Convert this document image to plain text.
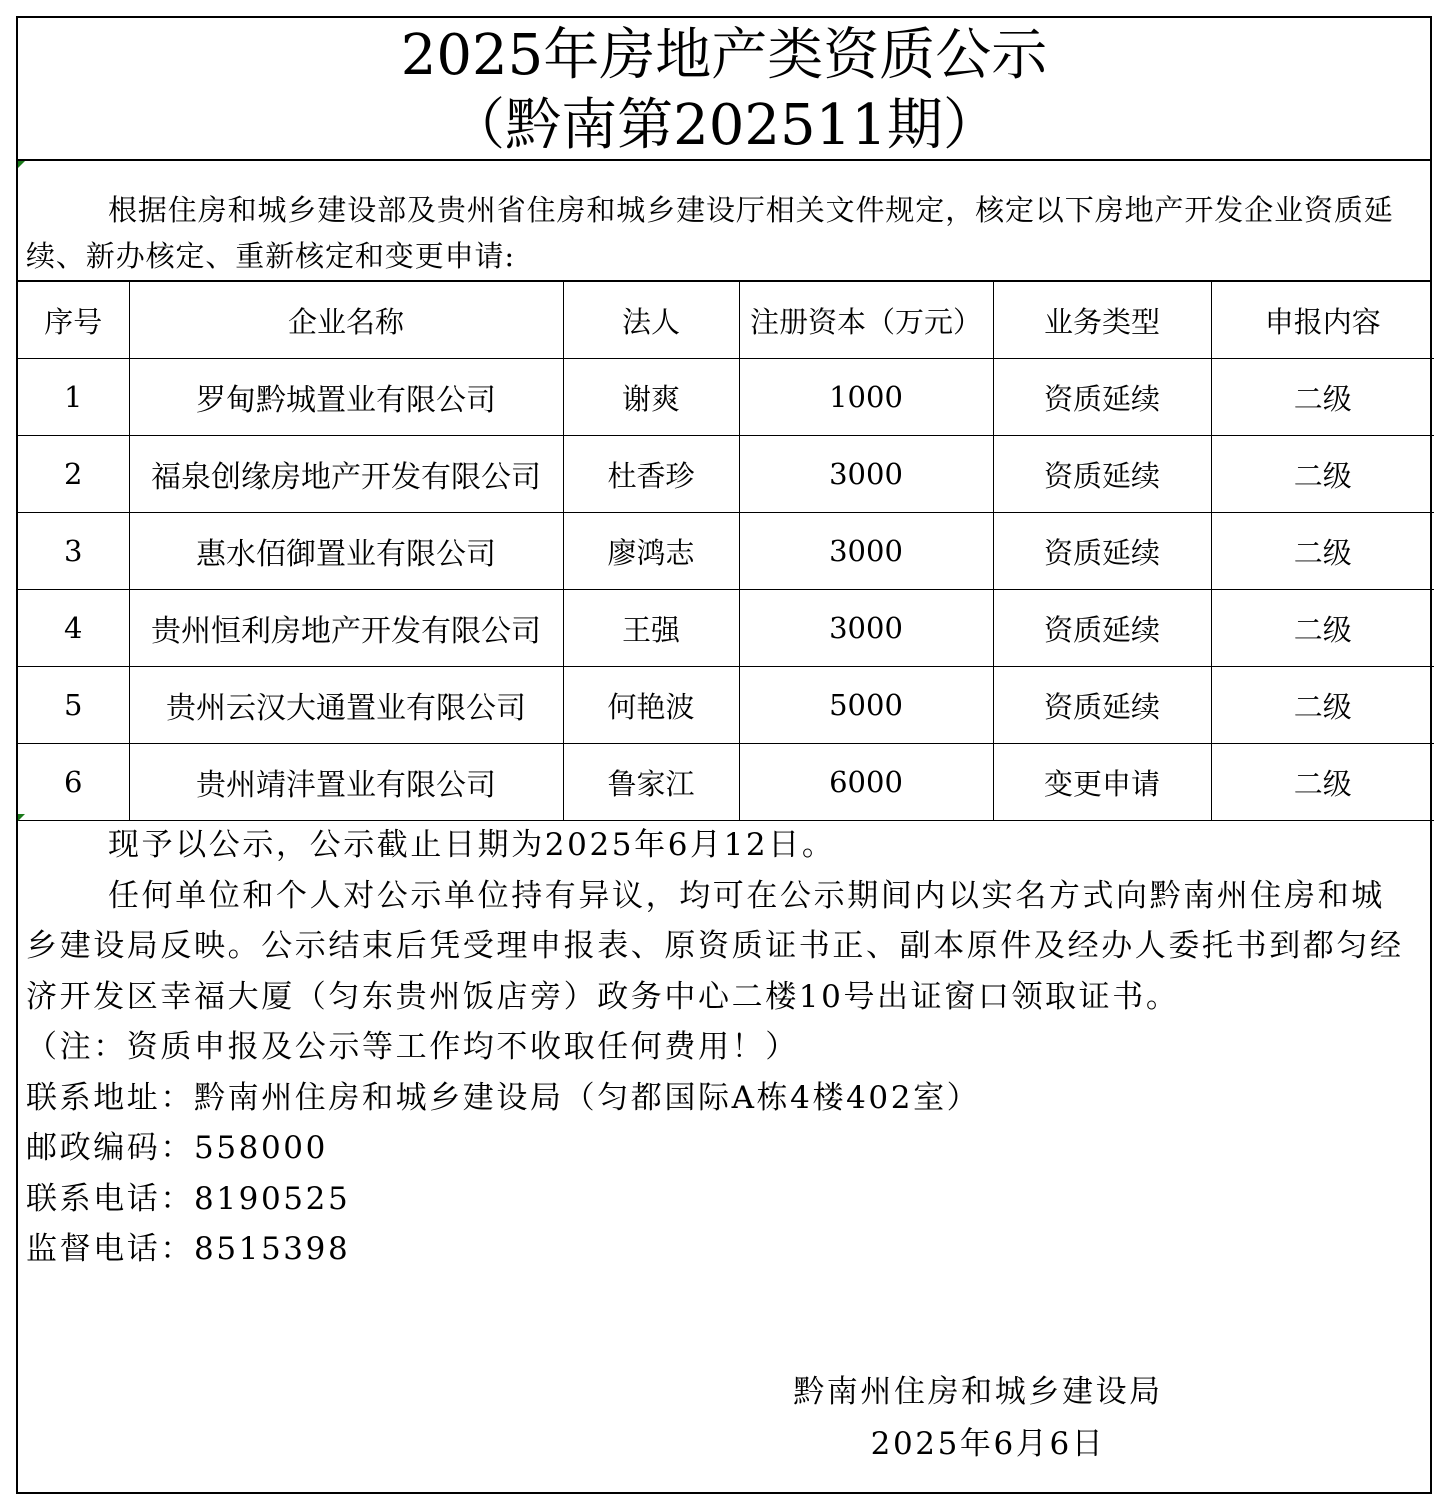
2025年房地产类资质公示
（黔南第202511期）
根据住房和城乡建设部及贵州省住房和城乡建设厅相关文件规定，核定以下房地产开发企业资质延续、新办核定、重新核定和变更申请:
序号	企业名称	法人	注册资本（万元）	业务类型	申报内容
1	罗甸黔城置业有限公司	谢爽	1000	资质延续	二级
2	福泉创缘房地产开发有限公司	杜香珍	3000	资质延续	二级
3	惠水佰御置业有限公司	廖鸿志	3000	资质延续	二级
4	贵州恒利房地产开发有限公司	王强	3000	资质延续	二级
5	贵州云汉大通置业有限公司	何艳波	5000	资质延续	二级
6	贵州靖沣置业有限公司	鲁家江	6000	变更申请	二级

现予以公示，公示截止日期为2025年6月12日。

任何单位和个人对公示单位持有异议，均可在公示期间内以实名方式向黔南州住房和城乡建设局反映。公示结束后凭受理申报表、原资质证书正、副本原件及经办人委托书到都匀经济开发区幸福大厦（匀东贵州饭店旁）政务中心二楼10号出证窗口领取证书。

（注：资质申报及公示等工作均不收取任何费用！）

联系地址：黔南州住房和城乡建设局（匀都国际A栋4楼402室）

邮政编码：558000

联系电话：8190525

监督电话：8515398

黔南州住房和城乡建设局
2025年6月6日
